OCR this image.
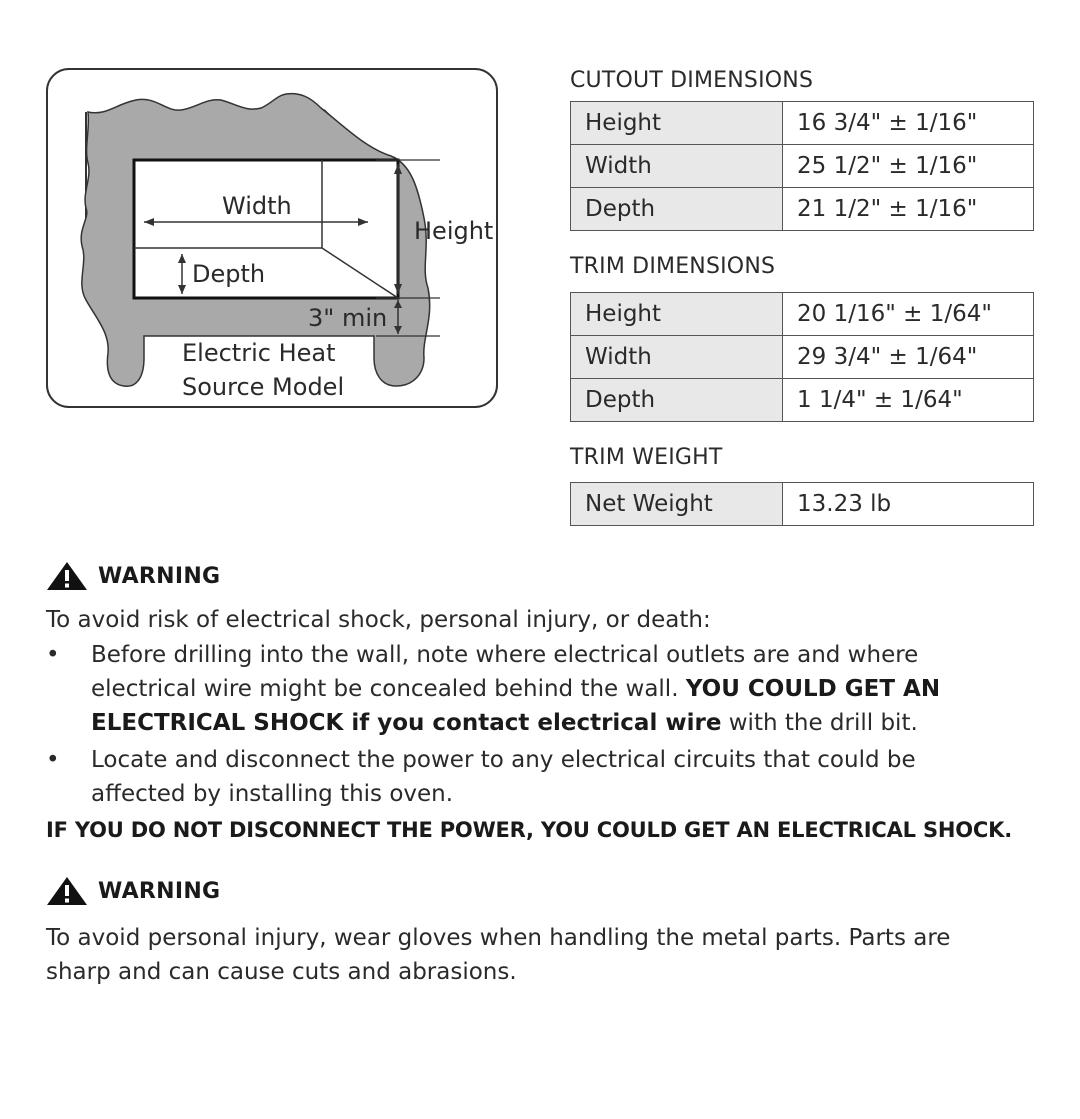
Width
Height
Depth
3" min
Electric Heat
Source Model
CUTOUT DIMENSIONS
Height	16 3/4" ± 1/16"
Width	25 1/2" ± 1/16"
Depth	21 1/2" ± 1/16"
TRIM DIMENSIONS
Height	20 1/16" ± 1/64"
Width	29 3/4" ± 1/64"
Depth	1 1/4" ± 1/64"
TRIM WEIGHT
Net Weight	13.23 lb
WARNING

To avoid risk of electrical shock, personal injury, or death:

• Before drilling into the wall, note where electrical outlets are and where electrical wire might be concealed behind the wall. YOU COULD GET AN ELECTRICAL SHOCK if you contact electrical wire with the drill bit.
• Locate and disconnect the power to any electrical circuits that could be affected by installing this oven.
IF YOU DO NOT DISCONNECT THE POWER, YOU COULD GET AN ELECTRICAL SHOCK.
WARNING

To avoid personal injury, wear gloves when handling the metal parts. Parts are sharp and can cause cuts and abrasions.
